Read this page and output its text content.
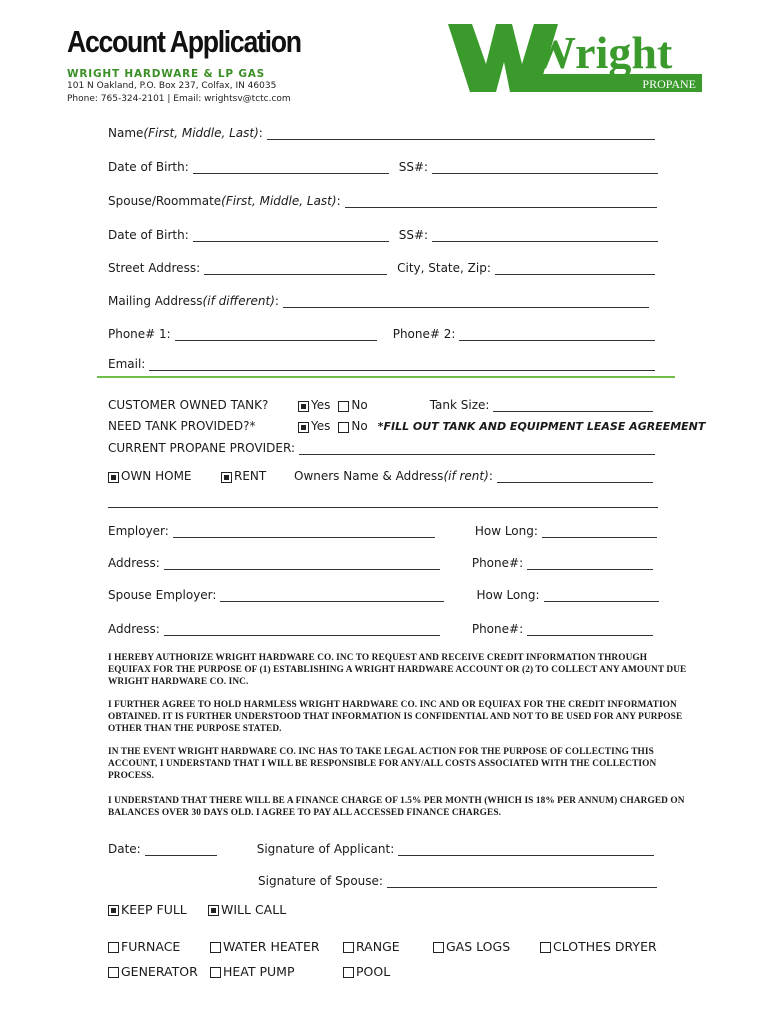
Account Application
WRIGHT HARDWARE & LP GAS
101 N Oakland, P.O. Box 237, Colfax, IN 46035
Phone: 765-324-2101 | Email: wrightsv@tctc.com
Wright
PROPANE
Name (First, Middle, Last) :
Date of Birth:	SS#:
Spouse/Roommate (First, Middle, Last) :
Date of Birth:	SS#:
Street Address:	City, State, Zip:
Mailing Address (if different) :
Phone# 1:	Phone# 2:
Email:
CUSTOMER OWNED TANK?	Yes No	Tank Size:
NEED TANK PROVIDED?*	Yes No *FILL OUT TANK AND EQUIPMENT LEASE AGREEMENT
CURRENT PROPANE PROVIDER:
OWN HOME	RENT	Owners Name & Address (if rent) :
Employer:	How Long:
Address:	Phone#:
Spouse Employer:	How Long:
Address:	Phone#:
I HEREBY AUTHORIZE WRIGHT HARDWARE CO. INC TO REQUEST AND RECEIVE CREDIT INFORMATION THROUGH EQUIFAX FOR THE PURPOSE OF (1) ESTABLISHING A WRIGHT HARDWARE ACCOUNT OR (2) TO COLLECT ANY AMOUNT DUE WRIGHT HARDWARE CO. INC.
I FURTHER AGREE TO HOLD HARMLESS WRIGHT HARDWARE CO. INC AND OR EQUIFAX FOR THE CREDIT INFORMATION OBTAINED. IT IS FURTHER UNDERSTOOD THAT INFORMATION IS CONFIDENTIAL AND NOT TO BE USED FOR ANY PURPOSE OTHER THAN THE PURPOSE STATED.
IN THE EVENT WRIGHT HARDWARE CO. INC HAS TO TAKE LEGAL ACTION FOR THE PURPOSE OF COLLECTING THIS ACCOUNT, I UNDERSTAND THAT I WILL BE RESPONSIBLE FOR ANY/ALL COSTS ASSOCIATED WITH THE COLLECTION PROCESS.
I UNDERSTAND THAT THERE WILL BE A FINANCE CHARGE OF 1.5% PER MONTH (WHICH IS 18% PER ANNUM) CHARGED ON BALANCES OVER 30 DAYS OLD. I AGREE TO PAY ALL ACCESSED FINANCE CHARGES.
Date:	Signature of Applicant:
Signature of Spouse:
KEEP FULL	WILL CALL
FURNACE	WATER HEATER	RANGE	GAS LOGS	CLOTHES DRYER
GENERATOR	HEAT PUMP	POOL
